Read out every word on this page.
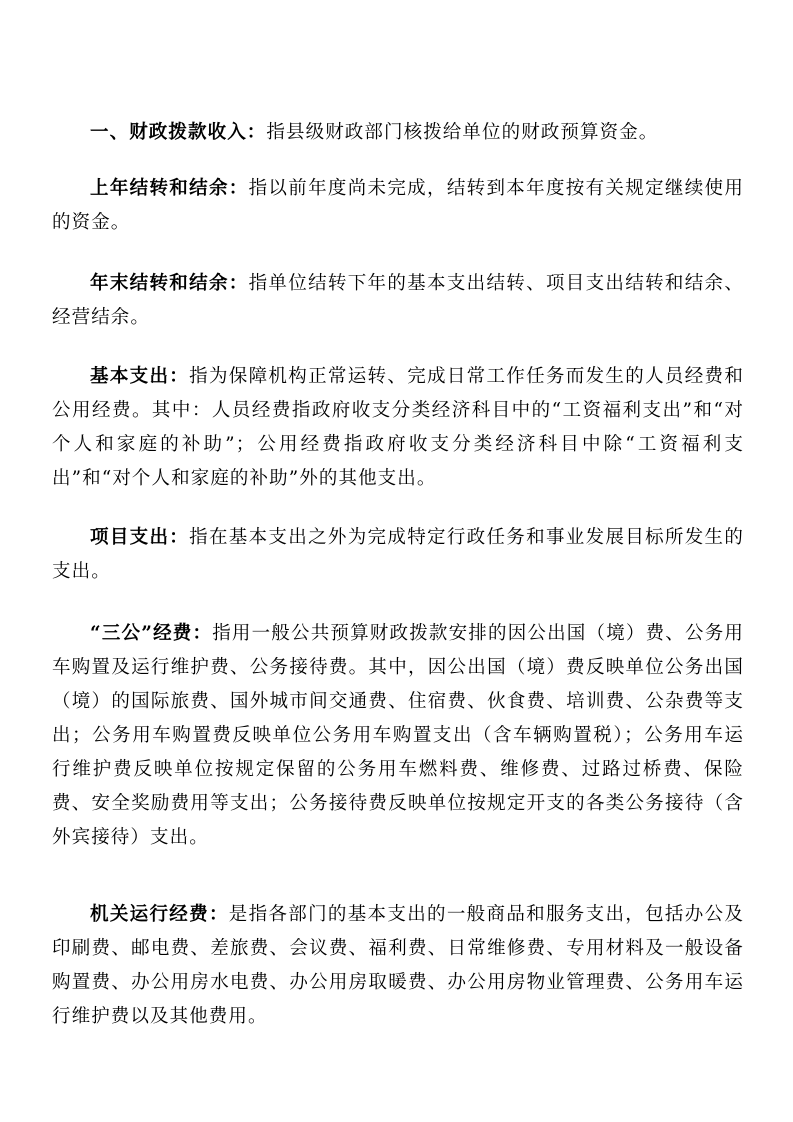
一、财政拨款收入：指县级财政部门核拨给单位的财政预算资金。

上年结转和结余：指以前年度尚未完成，结转到本年度按有关规定继续使用的资金。

年末结转和结余：指单位结转下年的基本支出结转、项目支出结转和结余、经营结余。

基本支出：指为保障机构正常运转、完成日常工作任务而发生的人员经费和公用经费。其中：人员经费指政府收支分类经济科目中的“工资福利支出”和“对个人和家庭的补助”；公用经费指政府收支分类经济科目中除“工资福利支出”和“对个人和家庭的补助”外的其他支出。

项目支出：指在基本支出之外为完成特定行政任务和事业发展目标所发生的支出。

“三公”经费：指用一般公共预算财政拨款安排的因公出国（境）费、公务用车购置及运行维护费、公务接待费。其中，因公出国（境）费反映单位公务出国（境）的国际旅费、国外城市间交通费、住宿费、伙食费、培训费、公杂费等支出；公务用车购置费反映单位公务用车购置支出（含车辆购置税）；公务用车运行维护费反映单位按规定保留的公务用车燃料费、维修费、过路过桥费、保险费、安全奖励费用等支出；公务接待费反映单位按规定开支的各类公务接待（含外宾接待）支出。

机关运行经费：是指各部门的基本支出的一般商品和服务支出，包括办公及印刷费、邮电费、差旅费、会议费、福利费、日常维修费、专用材料及一般设备购置费、办公用房水电费、办公用房取暖费、办公用房物业管理费、公务用车运行维护费以及其他费用。
